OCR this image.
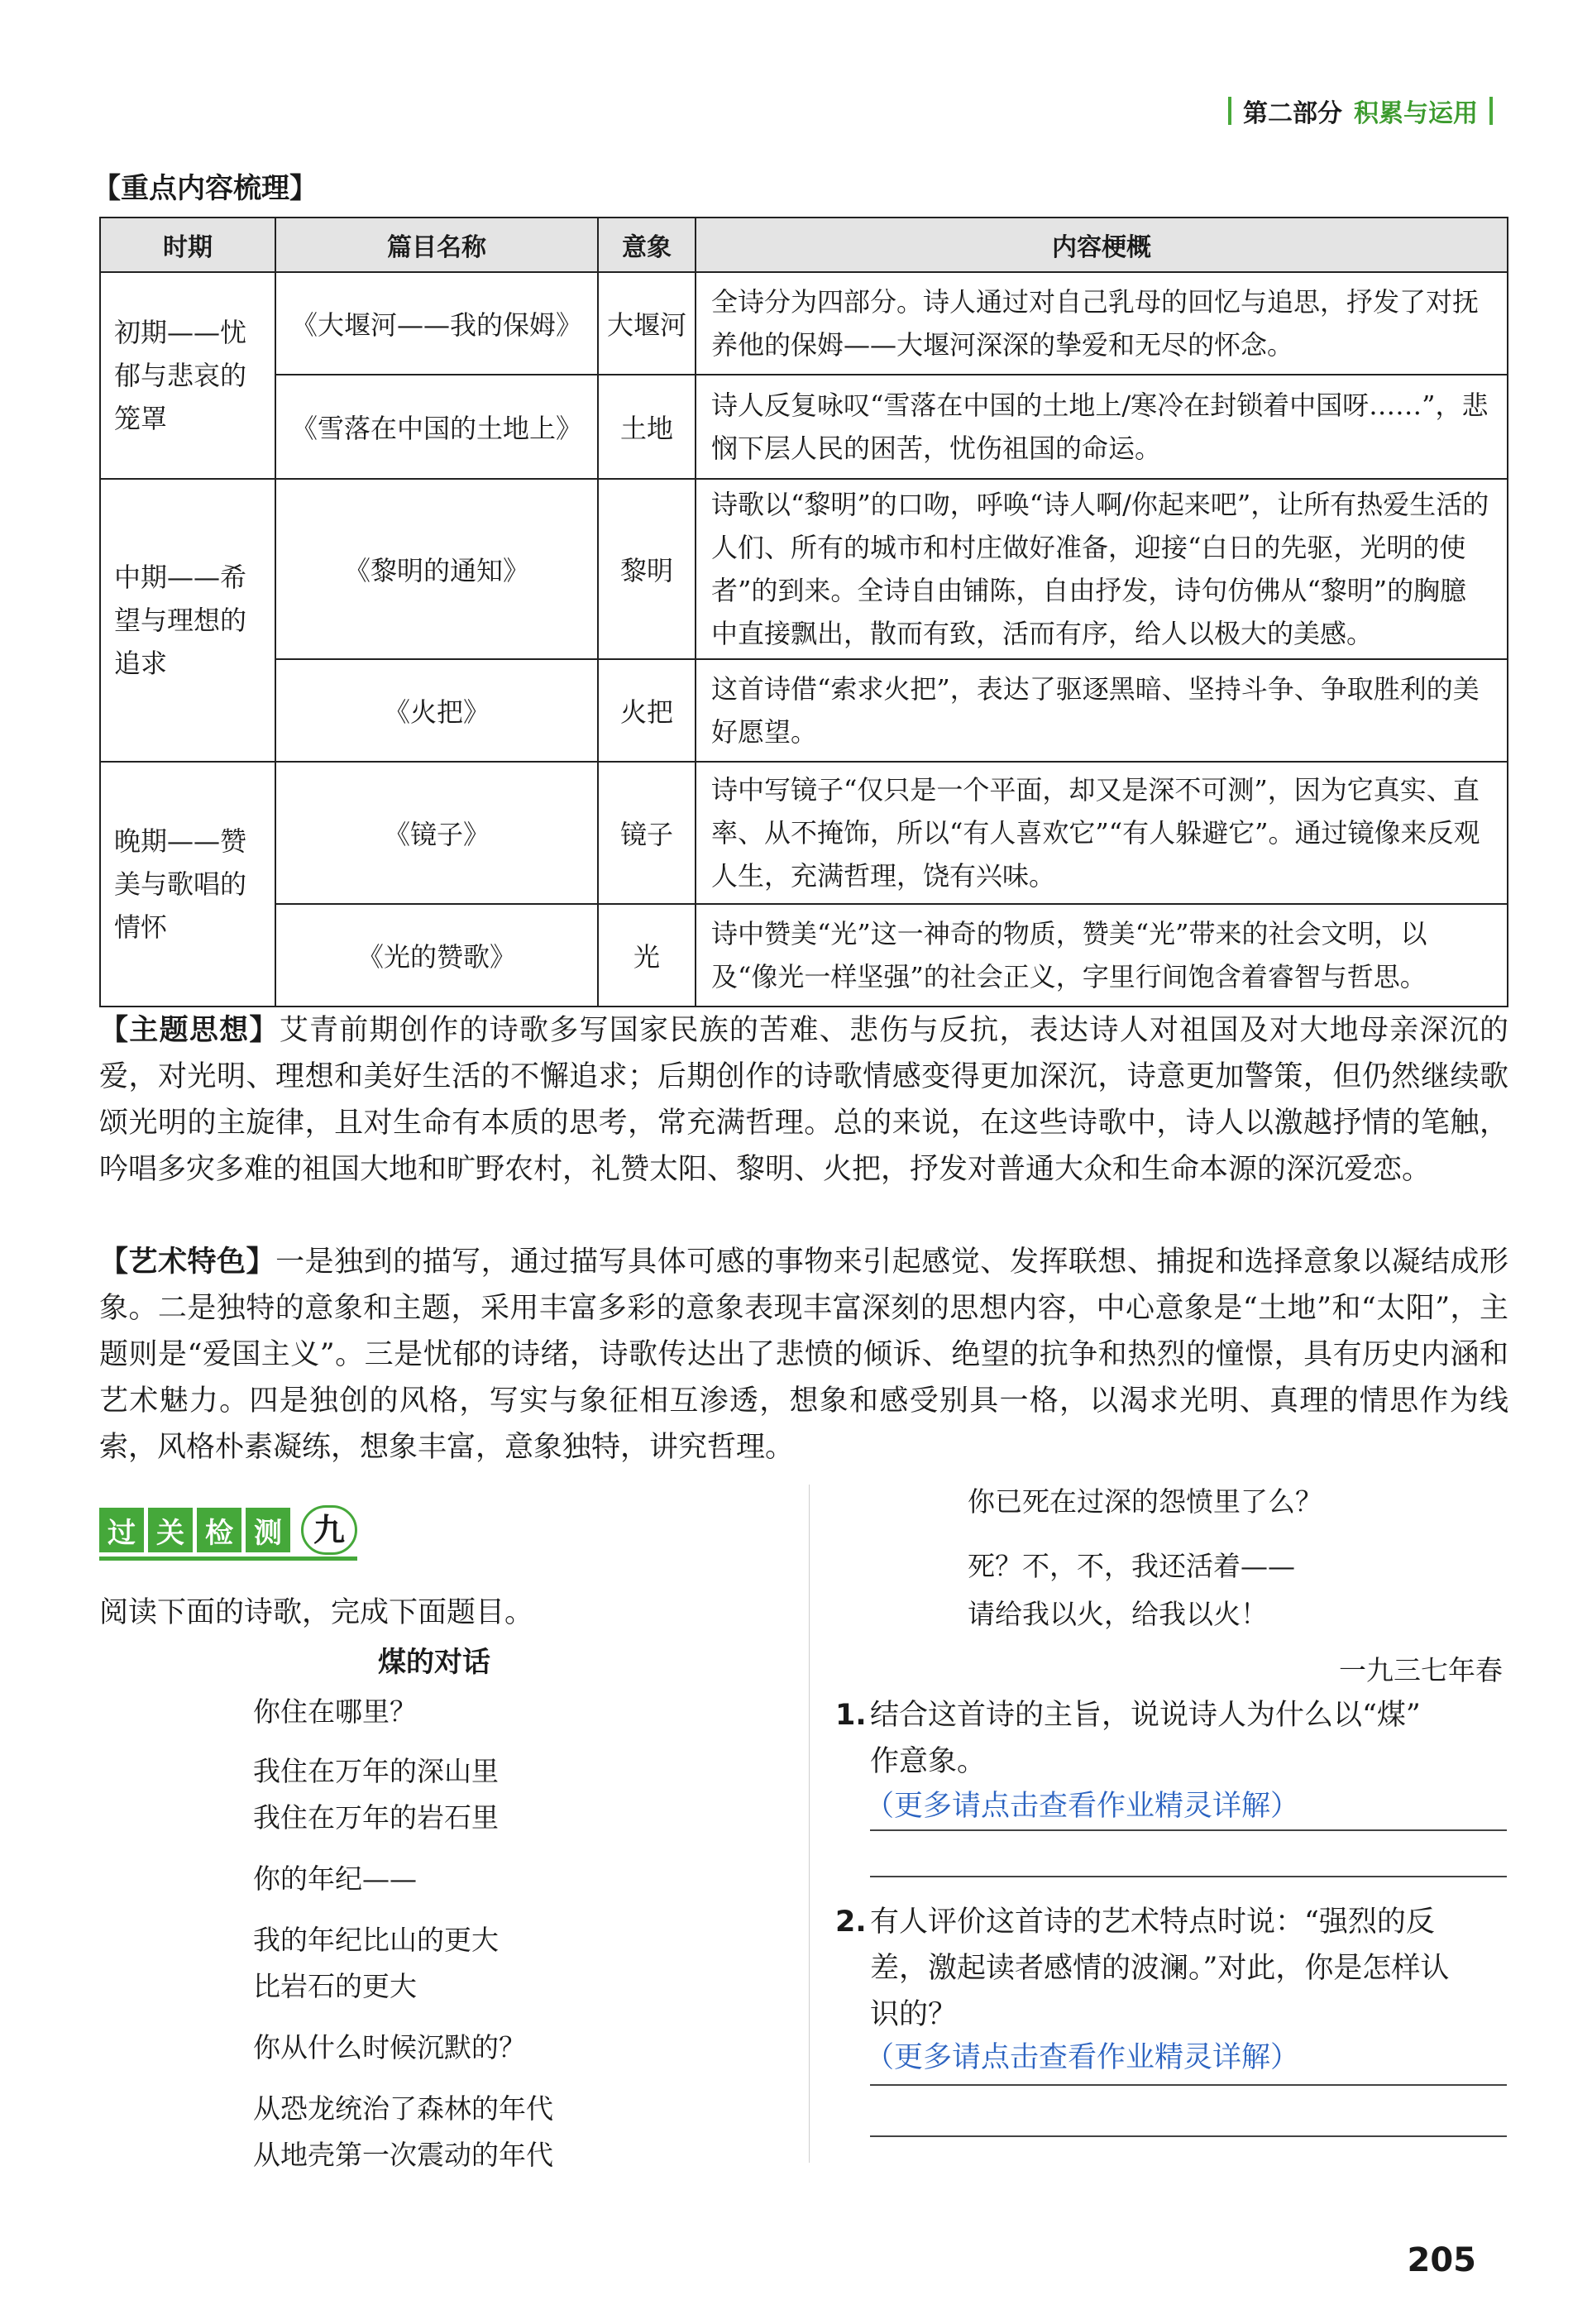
第二部分 积累与运用
【重点内容梳理】
时期	篇目名称	意象	内容梗概
初期——忧郁与悲哀的笼罩	《大堰河——我的保姆》	大堰河	全诗分为四部分。诗人通过对自己乳母的回忆与追思，抒发了对抚养他的保姆——大堰河深深的挚爱和无尽的怀念。
	《雪落在中国的土地上》	土地	诗人反复咏叹“雪落在中国的土地上/寒冷在封锁着中国呀……”，悲悯下层人民的困苦，忧伤祖国的命运。
中期——希望与理想的追求	《黎明的通知》	黎明	诗歌以“黎明”的口吻，呼唤“诗人啊/你起来吧”，让所有热爱生活的人们、所有的城市和村庄做好准备，迎接“白日的先驱，光明的使者”的到来。全诗自由铺陈，自由抒发，诗句仿佛从“黎明”的胸臆中直接飘出，散而有致，活而有序，给人以极大的美感。
	《火把》	火把	这首诗借“索求火把”，表达了驱逐黑暗、坚持斗争、争取胜利的美好愿望。
晚期——赞美与歌唱的情怀	《镜子》	镜子	诗中写镜子“仅只是一个平面，却又是深不可测”，因为它真实、直率、从不掩饰，所以“有人喜欢它”“有人躲避它”。通过镜像来反观人生，充满哲理，饶有兴味。
	《光的赞歌》	光	诗中赞美“光”这一神奇的物质，赞美“光”带来的社会文明，以及“像光一样坚强”的社会正义，字里行间饱含着睿智与哲思。
【主题思想】艾青前期创作的诗歌多写国家民族的苦难、悲伤与反抗，表达诗人对祖国及对大地母亲深沉的爱，对光明、理想和美好生活的不懈追求；后期创作的诗歌情感变得更加深沉，诗意更加警策，但仍然继续歌颂光明的主旋律，且对生命有本质的思考，常充满哲理。总的来说，在这些诗歌中，诗人以激越抒情的笔触，吟唱多灾多难的祖国大地和旷野农村，礼赞太阳、黎明、火把，抒发对普通大众和生命本源的深沉爱恋。
【艺术特色】一是独到的描写，通过描写具体可感的事物来引起感觉、发挥联想、捕捉和选择意象以凝结成形象。二是独特的意象和主题，采用丰富多彩的意象表现丰富深刻的思想内容，中心意象是“土地”和“太阳”，主题则是“爱国主义”。三是忧郁的诗绪，诗歌传达出了悲愤的倾诉、绝望的抗争和热烈的憧憬，具有历史内涵和艺术魅力。四是独创的风格，写实与象征相互渗透，想象和感受别具一格，以渴求光明、真理的情思作为线索，风格朴素凝练，想象丰富，意象独特，讲究哲理。
过 关 检 测	九
阅读下面的诗歌，完成下面题目。
煤的对话
你住在哪里？
我住在万年的深山里
我住在万年的岩石里
你的年纪——
我的年纪比山的更大
比岩石的更大
你从什么时候沉默的？
从恐龙统治了森林的年代
从地壳第一次震动的年代
你已死在过深的怨愤里了么？
死？不，不，我还活着——
请给我以火，给我以火！
一九三七年春
1. 结合这首诗的主旨，说说诗人为什么以“煤”
作意象。
（更多请点击查看作业精灵详解）
2. 有人评价这首诗的艺术特点时说：“强烈的反
差，激起读者感情的波澜。”对此，你是怎样认
识的？
（更多请点击查看作业精灵详解）
205
